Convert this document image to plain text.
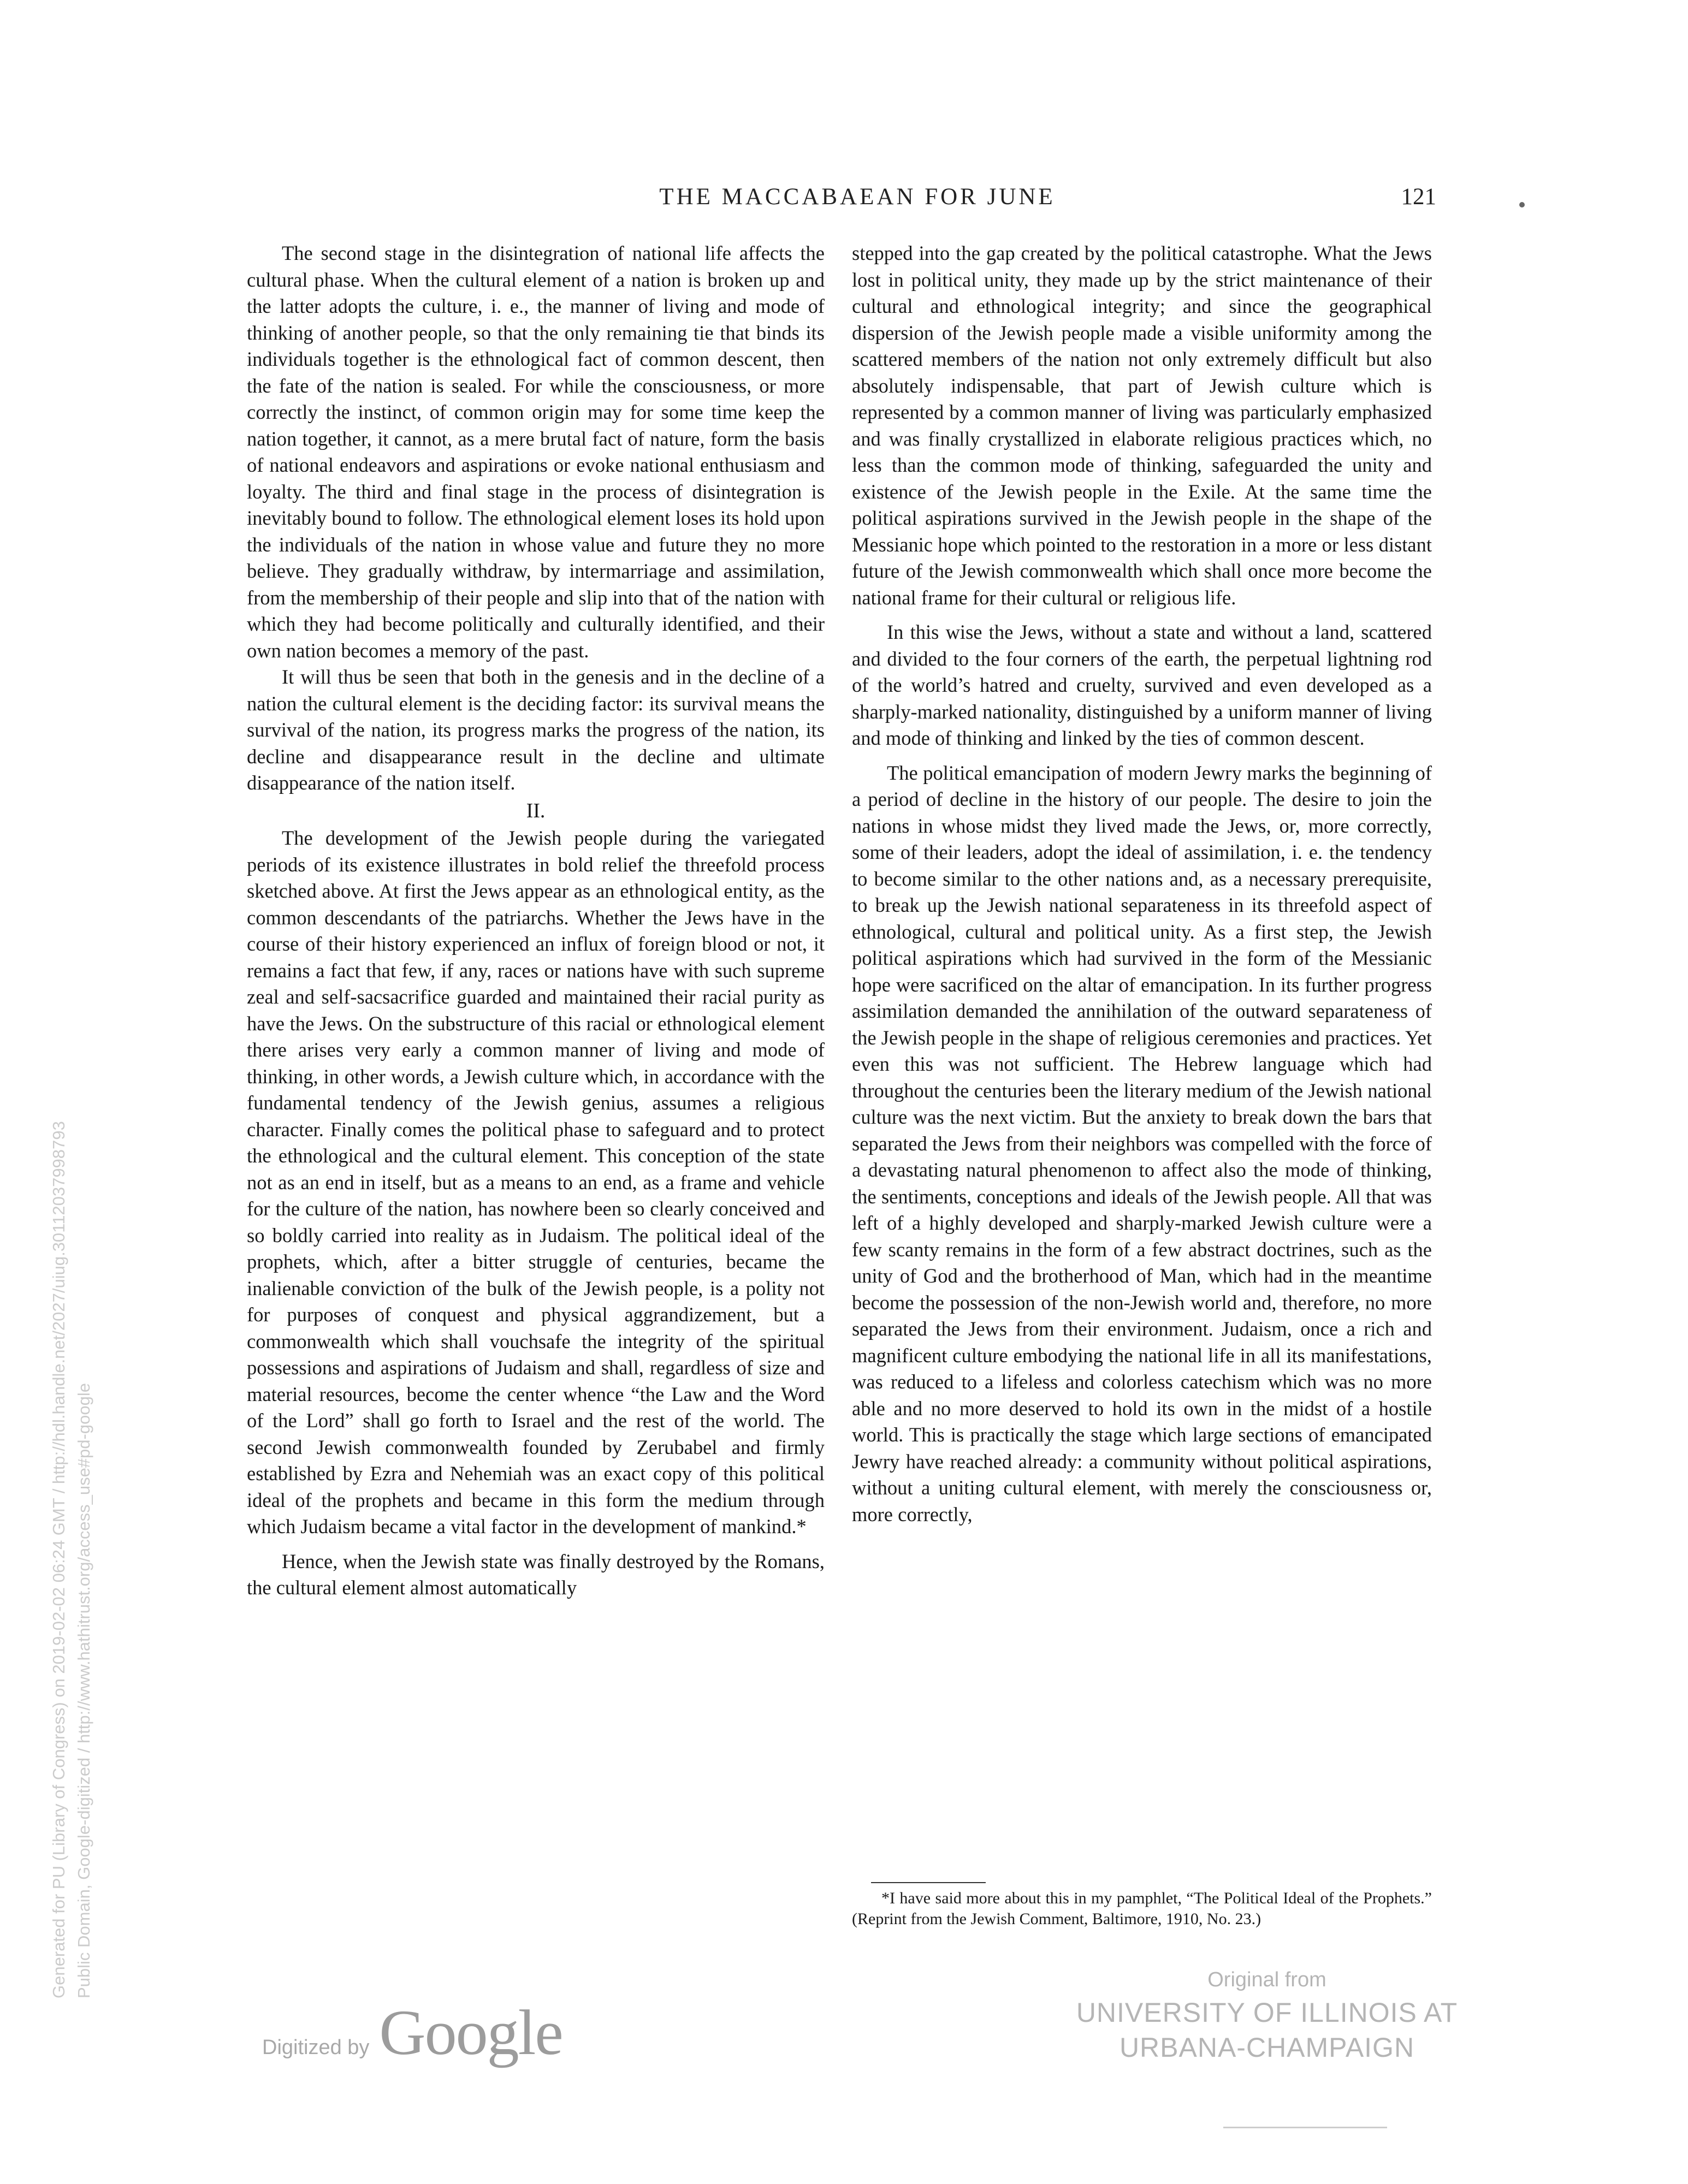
THE MACCABAEAN FOR JUNE	121

The second stage in the disintegration of national life affects the cultural phase. When the cultural element of a nation is broken up and the latter adopts the culture, i. e., the manner of living and mode of thinking of another people, so that the only remaining tie that binds its individuals together is the ethnological fact of common descent, then the fate of the nation is sealed. For while the consciousness, or more correctly the instinct, of common origin may for some time keep the nation together, it cannot, as a mere brutal fact of nature, form the basis of national endeavors and aspirations or evoke national enthusiasm and loyalty. The third and final stage in the process of disintegration is inevitably bound to follow. The ethnological element loses its hold upon the individuals of the nation in whose value and future they no more believe. They gradually withdraw, by intermarriage and assimilation, from the membership of their people and slip into that of the nation with which they had become politically and culturally identified, and their own nation becomes a memory of the past.

It will thus be seen that both in the genesis and in the decline of a nation the cultural element is the deciding factor: its survival means the survival of the nation, its progress marks the progress of the nation, its decline and disappearance result in the decline and ultimate disappearance of the nation itself.

II.

The development of the Jewish people during the variegated periods of its existence illustrates in bold relief the threefold process sketched above. At first the Jews appear as an ethnological entity, as the common descendants of the patriarchs. Whether the Jews have in the course of their history experienced an influx of foreign blood or not, it remains a fact that few, if any, races or nations have with such supreme zeal and self-sacsacrifice guarded and maintained their racial purity as have the Jews. On the substructure of this racial or ethnological element there arises very early a common manner of living and mode of thinking, in other words, a Jewish culture which, in accordance with the fundamental tendency of the Jewish genius, assumes a religious character. Finally comes the political phase to safeguard and to protect the ethnological and the cultural element. This conception of the state not as an end in itself, but as a means to an end, as a frame and vehicle for the culture of the nation, has nowhere been so clearly conceived and so boldly carried into reality as in Judaism. The political ideal of the prophets, which, after a bitter struggle of centuries, became the inalienable conviction of the bulk of the Jewish people, is a polity not for purposes of conquest and physical aggrandizement, but a commonwealth which shall vouchsafe the integrity of the spiritual possessions and aspirations of Judaism and shall, regardless of size and material resources, become the center whence “the Law and the Word of the Lord” shall go forth to Israel and the rest of the world. The second Jewish commonwealth founded by Zerubabel and firmly established by Ezra and Nehemiah was an exact copy of this political ideal of the prophets and became in this form the medium through which Judaism became a vital factor in the development of mankind.*

Hence, when the Jewish state was finally destroyed by the Romans, the cultural element almost automatically

stepped into the gap created by the political catastrophe. What the Jews lost in political unity, they made up by the strict maintenance of their cultural and ethnological integrity; and since the geographical dispersion of the Jewish people made a visible uniformity among the scattered members of the nation not only extremely difficult but also absolutely indispensable, that part of Jewish culture which is represented by a common manner of living was particularly emphasized and was finally crystallized in elaborate religious practices which, no less than the common mode of thinking, safeguarded the unity and existence of the Jewish people in the Exile. At the same time the political aspirations survived in the Jewish people in the shape of the Messianic hope which pointed to the restoration in a more or less distant future of the Jewish commonwealth which shall once more become the national frame for their cultural or religious life.

In this wise the Jews, without a state and without a land, scattered and divided to the four corners of the earth, the perpetual lightning rod of the world’s hatred and cruelty, survived and even developed as a sharply-marked nationality, distinguished by a uniform manner of living and mode of thinking and linked by the ties of common descent.

The political emancipation of modern Jewry marks the beginning of a period of decline in the history of our people. The desire to join the nations in whose midst they lived made the Jews, or, more correctly, some of their leaders, adopt the ideal of assimilation, i. e. the tendency to become similar to the other nations and, as a necessary prerequisite, to break up the Jewish national separateness in its threefold aspect of ethnological, cultural and political unity. As a first step, the Jewish political aspirations which had survived in the form of the Messianic hope were sacrificed on the altar of emancipation. In its further progress assimilation demanded the annihilation of the outward separateness of the Jewish people in the shape of religious ceremonies and practices. Yet even this was not sufficient. The Hebrew language which had throughout the centuries been the literary medium of the Jewish national culture was the next victim. But the anxiety to break down the bars that separated the Jews from their neighbors was compelled with the force of a devastating natural phenomenon to affect also the mode of thinking, the sentiments, conceptions and ideals of the Jewish people. All that was left of a highly developed and sharply-marked Jewish culture were a few scanty remains in the form of a few abstract doctrines, such as the unity of God and the brotherhood of Man, which had in the meantime become the possession of the non-Jewish world and, therefore, no more separated the Jews from their environment. Judaism, once a rich and magnificent culture embodying the national life in all its manifestations, was reduced to a lifeless and colorless catechism which was no more able and no more deserved to hold its own in the midst of a hostile world. This is practically the stage which large sections of emancipated Jewry have reached already: a community without political aspirations, without a uniting cultural element, with merely the consciousness or, more correctly,

*I have said more about this in my pamphlet, “The Political Ideal of the Prophets.” (Reprint from the Jewish Comment, Baltimore, 1910, No. 23.)
Generated for PU (Library of Congress) on 2019-02-02 06:24 GMT / http://hdl.handle.net/2027/uiug.30112037998793 Public Domain, Google-digitized / http://www.hathitrust.org/access_use#pd-google
Digitized by Google
Original from
UNIVERSITY OF ILLINOIS AT
URBANA-CHAMPAIGN
